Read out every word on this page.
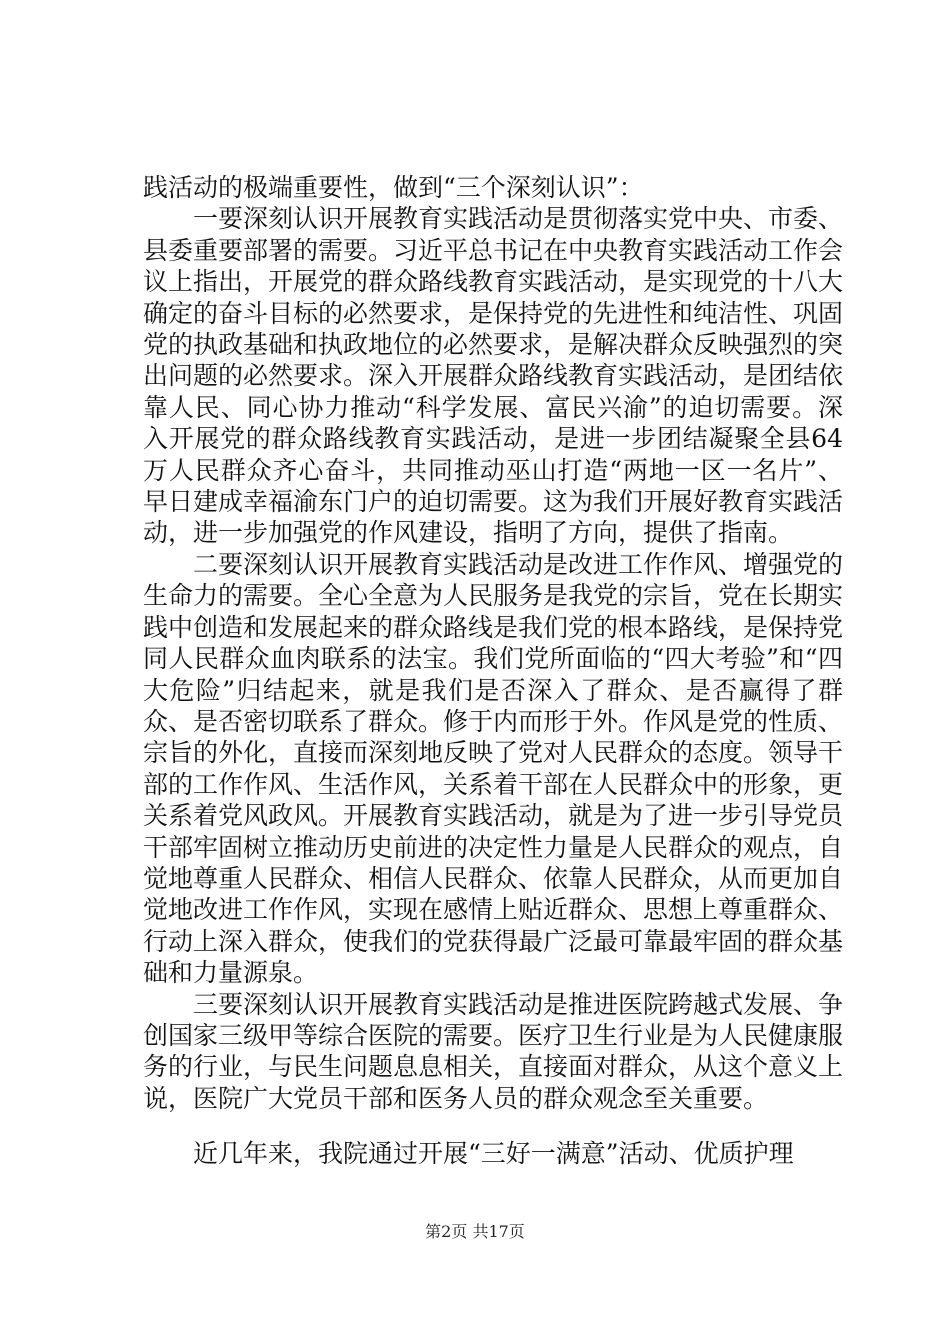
践活动的极端重要性，做到“三个深刻认识”：

一要深刻认识开展教育实践活动是贯彻落实党中央、市委、县委重要部署的需要。习近平总书记在中央教育实践活动工作会议上指出，开展党的群众路线教育实践活动，是实现党的十八大确定的奋斗目标的必然要求，是保持党的先进性和纯洁性、巩固党的执政基础和执政地位的必然要求，是解决群众反映强烈的突出问题的必然要求。深入开展群众路线教育实践活动，是团结依靠人民、同心协力推动“科学发展、富民兴渝”的迫切需要。深入开展党的群众路线教育实践活动，是进一步团结凝聚全县64万人民群众齐心奋斗，共同推动巫山打造“两地一区一名片”、早日建成幸福渝东门户的迫切需要。这为我们开展好教育实践活动，进一步加强党的作风建设，指明了方向，提供了指南。

二要深刻认识开展教育实践活动是改进工作作风、增强党的生命力的需要。全心全意为人民服务是我党的宗旨，党在长期实践中创造和发展起来的群众路线是我们党的根本路线，是保持党同人民群众血肉联系的法宝。我们党所面临的“四大考验”和“四大危险”归结起来，就是我们是否深入了群众、是否赢得了群众、是否密切联系了群众。修于内而形于外。作风是党的性质、宗旨的外化，直接而深刻地反映了党对人民群众的态度。领导干部的工作作风、生活作风，关系着干部在人民群众中的形象，更关系着党风政风。开展教育实践活动，就是为了进一步引导党员干部牢固树立推动历史前进的决定性力量是人民群众的观点，自觉地尊重人民群众、相信人民群众、依靠人民群众，从而更加自觉地改进工作作风，实现在感情上贴近群众、思想上尊重群众、行动上深入群众，使我们的党获得最广泛最可靠最牢固的群众基础和力量源泉。

三要深刻认识开展教育实践活动是推进医院跨越式发展、争创国家三级甲等综合医院的需要。医疗卫生行业是为人民健康服务的行业，与民生问题息息相关，直接面对群众，从这个意义上说，医院广大党员干部和医务人员的群众观念至关重要。

近几年来，我院通过开展“三好一满意”活动、优质护理

第2页 共17页
